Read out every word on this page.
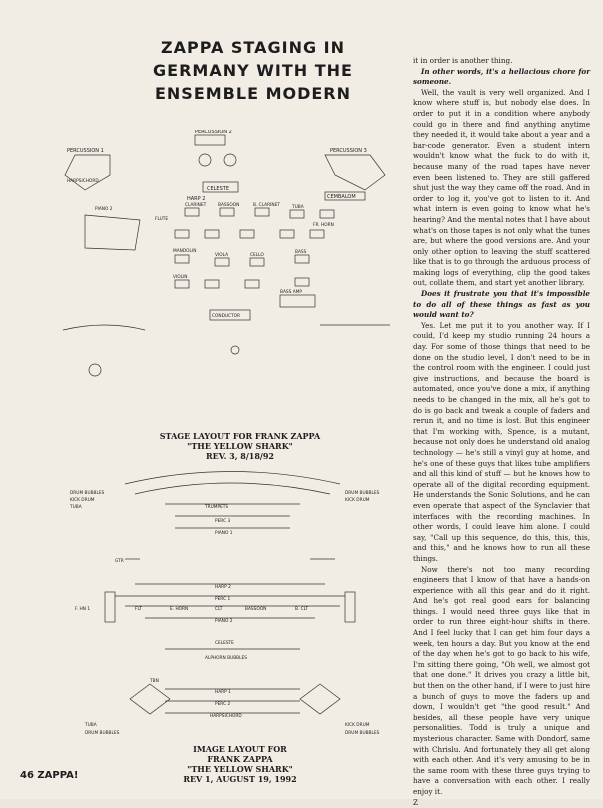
ZAPPA STAGING IN GERMANY WITH THE ENSEMBLE MODERN
PERCUSSION 2
PERCUSSION 1	PERCUSSION 3
CELESTE
CEMBALOM
HARP 2
HARPSICHORD
CLARINET	BASSOON	B. CLARINET
FLUTE
TUBA
FR. HORN
PIANO 2
MANDOLIN
VIOLA	CELLO
BASS
VIOLIN
BASS AMP
CONDUCTOR
STAGE LAYOUT FOR FRANK ZAPPA
"THE YELLOW SHARK"
REV. 3, 8/18/92
DRUM BUBBLES
KICK DRUM
TUBA	TRUMPETS
PERC 3
PIANO 1
DRUM BUBBLES
KICK DRUM
GTR
HARP 2
PERC 1
FLT	E. HORN	CLT	BASSOON	B. CLT
PIANO 2
F. HN 1
CELESTE
ALPHORN BUBBLES
HARP 1
PERC 2
HARPSICHORD
TBN
TUBA
DRUM BUBBLES
KICK DRUM
DRUM BUBBLES
IMAGE LAYOUT FOR
FRANK ZAPPA
"THE YELLOW SHARK"
REV 1, AUGUST 19, 1992
46 ZAPPA!

it in order is another thing.

In other words, it's a hellacious chore for someone.

Well, the vault is very well organized. And I know where stuff is, but nobody else does. In order to put it in a condition where anybody could go in there and find anything anytime they needed it, it would take about a year and a bar-code generator. Even a student intern wouldn't know what the fuck to do with it, because many of the road tapes have never even been listened to. They are still gaffered shut just the way they came off the road. And in order to log it, you've got to listen to it. And what intern is even going to know what he's hearing? And the mental notes that I have about what's on those tapes is not only what the tunes are, but where the good versions are. And your only other option to leaving the stuff scattered like that is to go through the arduous process of making logs of everything, clip the good takes out, collate them, and start yet another library.

Does it frustrate you that it's impossible to do all of these things as fast as you would want to?

Yes. Let me put it to you another way. If I could, I'd keep my studio running 24 hours a day. For some of those things that need to be done on the studio level, I don't need to be in the control room with the engineer. I could just give instructions, and because the board is automated, once you've done a mix, if anything needs to be changed in the mix, all he's got to do is go back and tweak a couple of faders and rerun it, and no time is lost. But this engineer that I'm working with, Spence, is a mutant, because not only does he understand old analog technology — he's still a vinyl guy at home, and he's one of these guys that likes tube amplifiers and all this kind of stuff — but he knows how to operate all of the digital recording equipment. He understands the Sonic Solutions, and he can even operate that aspect of the Synclavier that interfaces with the recording machines. In other words, I could leave him alone. I could say, "Call up this sequence, do this, this, this, and this," and he knows how to run all these things.

Now there's not too many recording engineers that I know of that have a hands-on experience with all this gear and do it right. And he's got real good ears for balancing things. I would need three guys like that in order to run three eight-hour shifts in there. And I feel lucky that I can get him four days a week, ten hours a day. But you know at the end of the day when he's got to go back to his wife, I'm sitting there going, "Oh well, we almost got that one done." It drives you crazy a little bit, but then on the other hand, if I were to just hire a bunch of guys to move the faders up and down, I wouldn't get "the good result." And besides, all these people have very unique personalities. Todd is truly a unique and mysterious character. Same with Dondorf, same with Chrislu. And fortunately they all get along with each other. And it's very amusing to be in the same room with these three guys trying to have a conversation with each other. I really enjoy it.

Z
